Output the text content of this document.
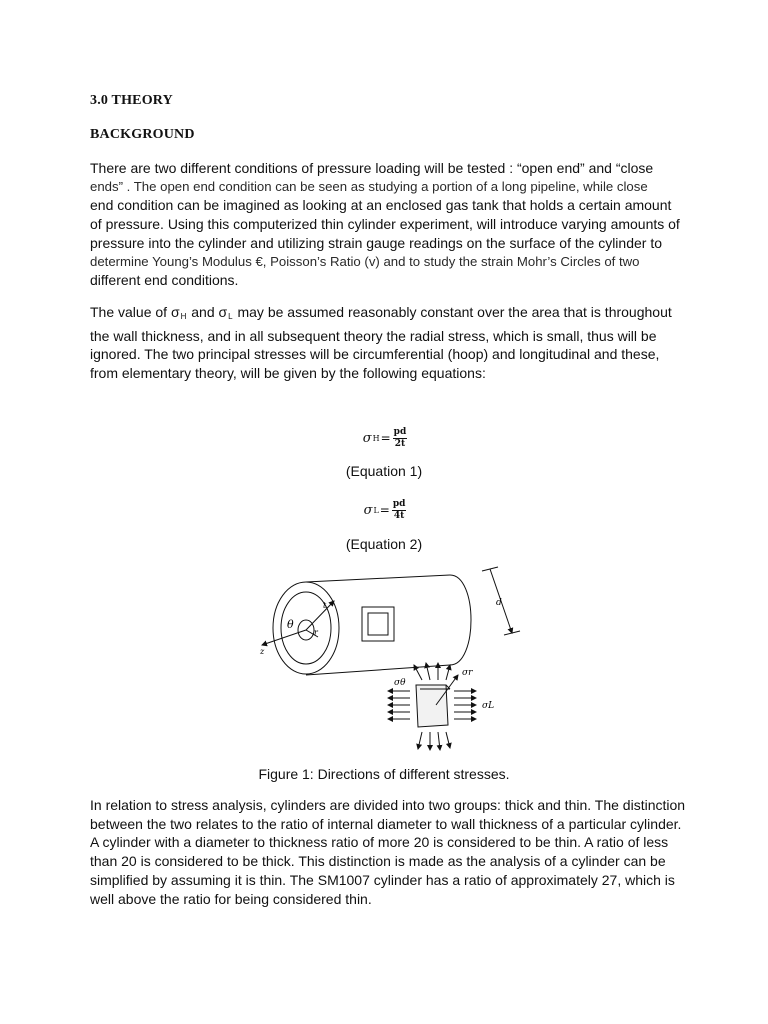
3.0 THEORY
BACKGROUND
There are two different conditions of pressure loading will be tested : “open end” and “close
ends” . The open end condition can be seen as studying a portion of a long pipeline, while close
end condition can be imagined as looking at an enclosed gas tank that holds a certain amount
of pressure. Using this computerized thin cylinder experiment, will introduce varying amounts of
pressure into the cylinder and utilizing strain gauge readings on the surface of the cylinder to
determine Young’s Modulus €, Poisson’s Ratio (v) and to study the strain Mohr’s Circles of two
different end conditions.
The value of $\sigma_H$ and $\sigma_L$ may be assumed reasonably constant over the area that is throughout
the wall thickness, and in all subsequent theory the radial stress, which is small, thus will be
ignored. The two principal stresses will be circumferential (hoop) and longitudinal and these,
from elementary theory, will be given by the following equations:
σ $H = \frac{pd}{2t}$
(Equation 1)
σ $L = \frac{pd}{4t}$
(Equation 2)
θ
t
r
z
d
σθ
σr
σL
Figure 1: Directions of different stresses.
In relation to stress analysis, cylinders are divided into two groups: thick and thin. The distinction
between the two relates to the ratio of internal diameter to wall thickness of a particular cylinder.
A cylinder with a diameter to thickness ratio of more 20 is considered to be thin. A ratio of less
than 20 is considered to be thick. This distinction is made as the analysis of a cylinder can be
simplified by assuming it is thin. The SM1007 cylinder has a ratio of approximately 27, which is
well above the ratio for being considered thin.
